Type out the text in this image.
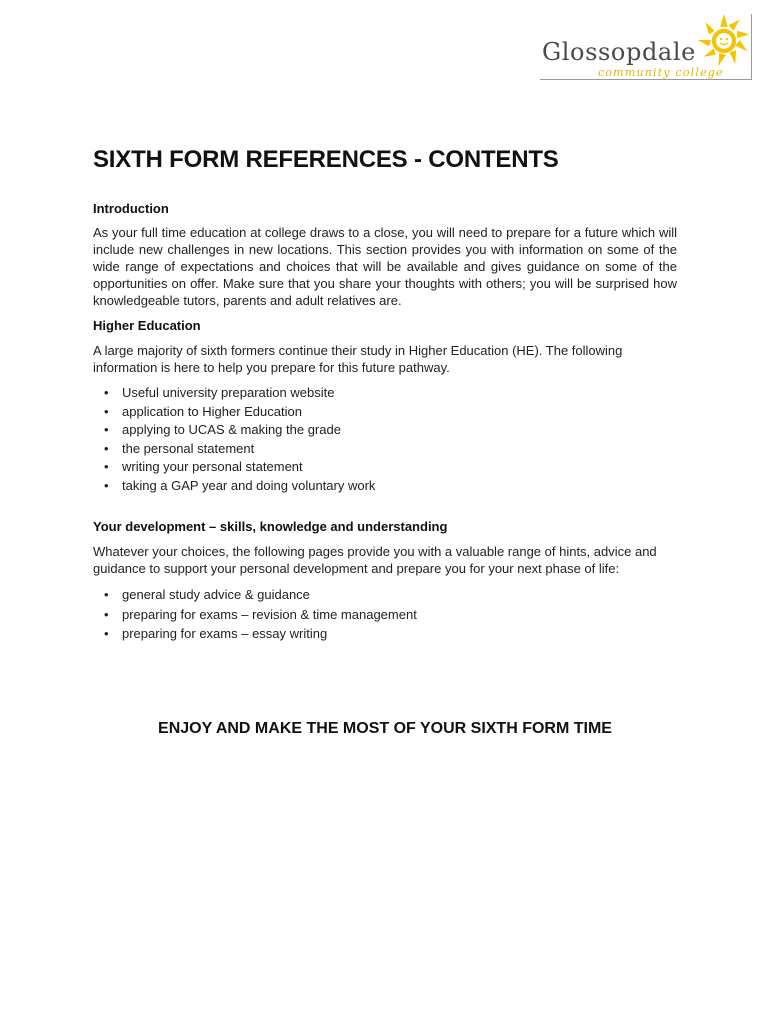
Glossopdale
community college
SIXTH FORM REFERENCES - CONTENTS
Introduction

As your full time education at college draws to a close, you will need to prepare for a future which will include new challenges in new locations. This section provides you with information on some of the wide range of expectations and choices that will be available and gives guidance on some of the opportunities on offer. Make sure that you share your thoughts with others; you will be surprised how knowledgeable tutors, parents and adult relatives are.

Higher Education

A large majority of sixth formers continue their study in Higher Education (HE). The following information is here to help you prepare for this future pathway.

• Useful university preparation website
• application to Higher Education
• applying to UCAS & making the grade
• the personal statement
• writing your personal statement
• taking a GAP year and doing voluntary work
Your development – skills, knowledge and understanding

Whatever your choices, the following pages provide you with a valuable range of hints, advice and guidance to support your personal development and prepare you for your next phase of life:

• general study advice & guidance
• preparing for exams – revision & time management
• preparing for exams – essay writing
ENJOY AND MAKE THE MOST OF YOUR SIXTH FORM TIME
